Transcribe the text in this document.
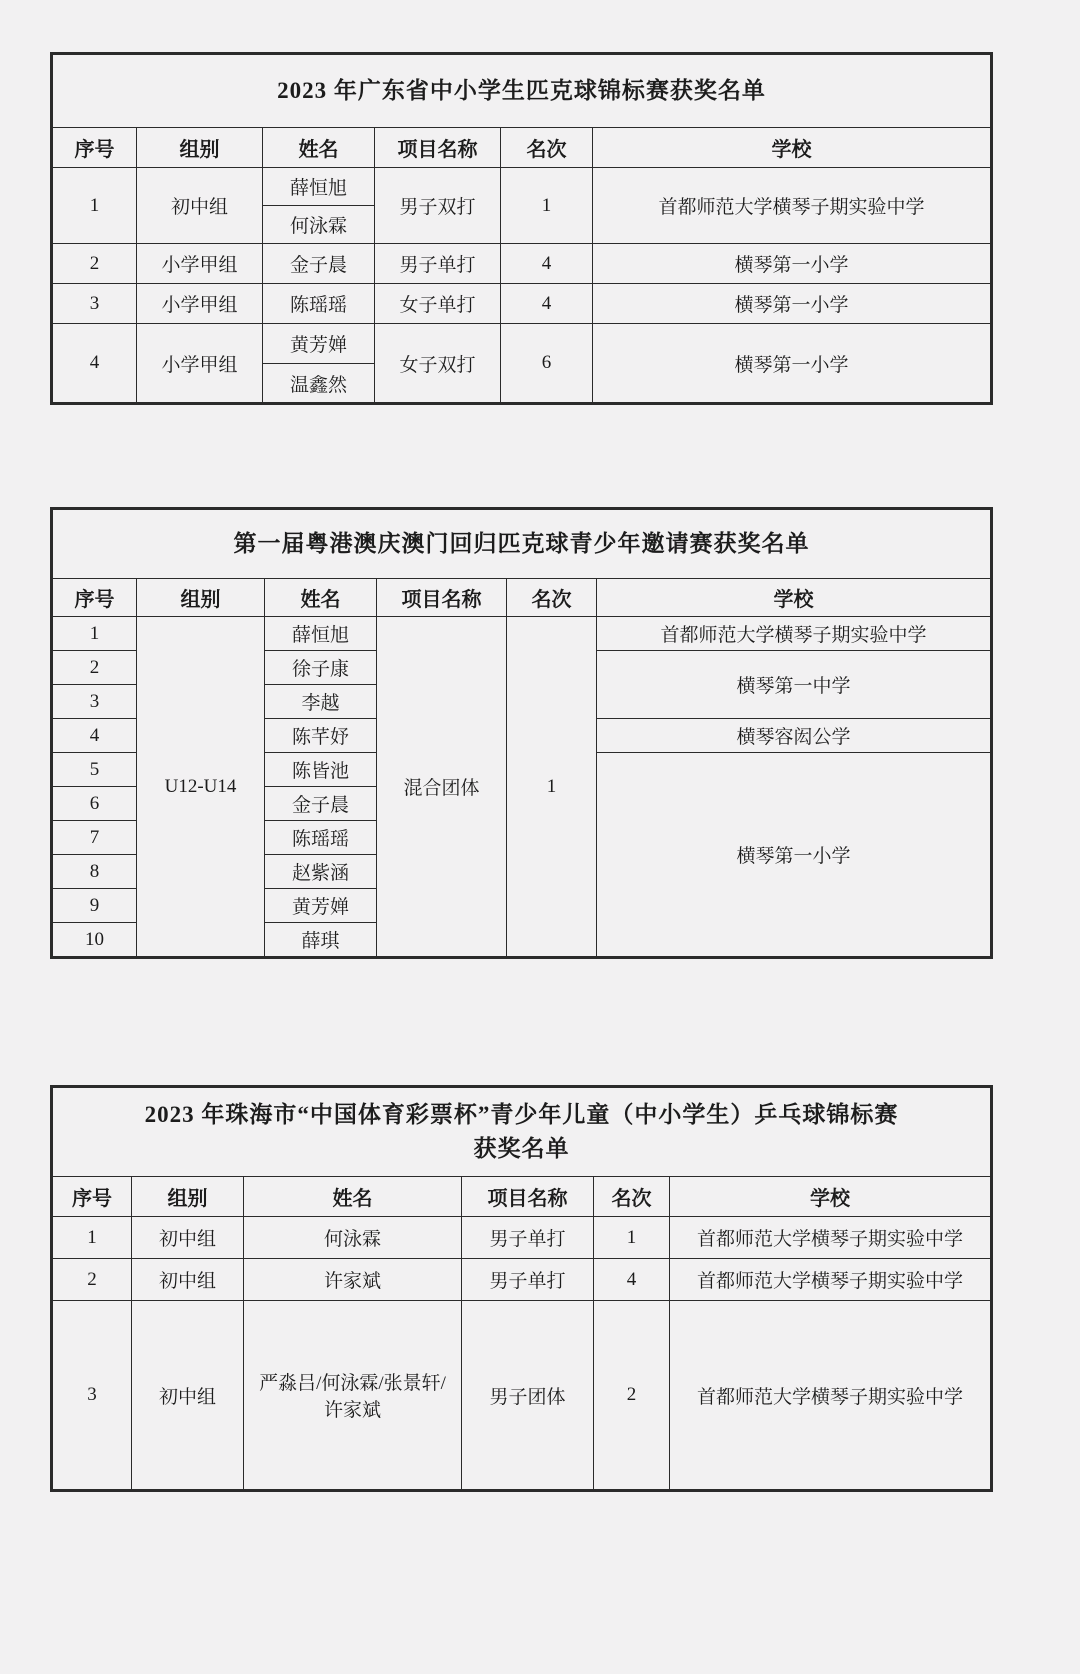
2023 年广东省中小学生匹克球锦标赛获奖名单					

序号	组别	姓名	项目名称	名次	学校
1	初中组	薛恒旭	男子双打	1	首都师范大学横琴子期实验中学
		何泳霖			
2	小学甲组	金子晨	男子单打	4	横琴第一小学
3	小学甲组	陈瑶瑶	女子单打	4	横琴第一小学
4	小学甲组	黄芳婵	女子双打	6	横琴第一小学
		温鑫然			
第一届粤港澳庆澳门回归匹克球青少年邀请赛获奖名单					

序号	组别	姓名	项目名称	名次	学校
1	U12-U14	薛恒旭	混合团体	1	首都师范大学横琴子期实验中学
2		徐子康			横琴第一中学
3		李越			
4		陈芊妤			横琴容闳公学
5		陈皆池			横琴第一小学
6		金子晨			
7		陈瑶瑶			
8		赵紫涵			
9		黄芳婵			
10		薛琪			
2023 年珠海市“中国体育彩票杯”青少年儿童（中小学生）乒乓球锦标赛
获奖名单					

序号	组别	姓名	项目名称	名次	学校
1	初中组	何泳霖	男子单打	1	首都师范大学横琴子期实验中学
2	初中组	许家斌	男子单打	4	首都师范大学横琴子期实验中学
3	初中组	严淼吕/何泳霖/张景轩/许家斌	男子团体	2	首都师范大学横琴子期实验中学
